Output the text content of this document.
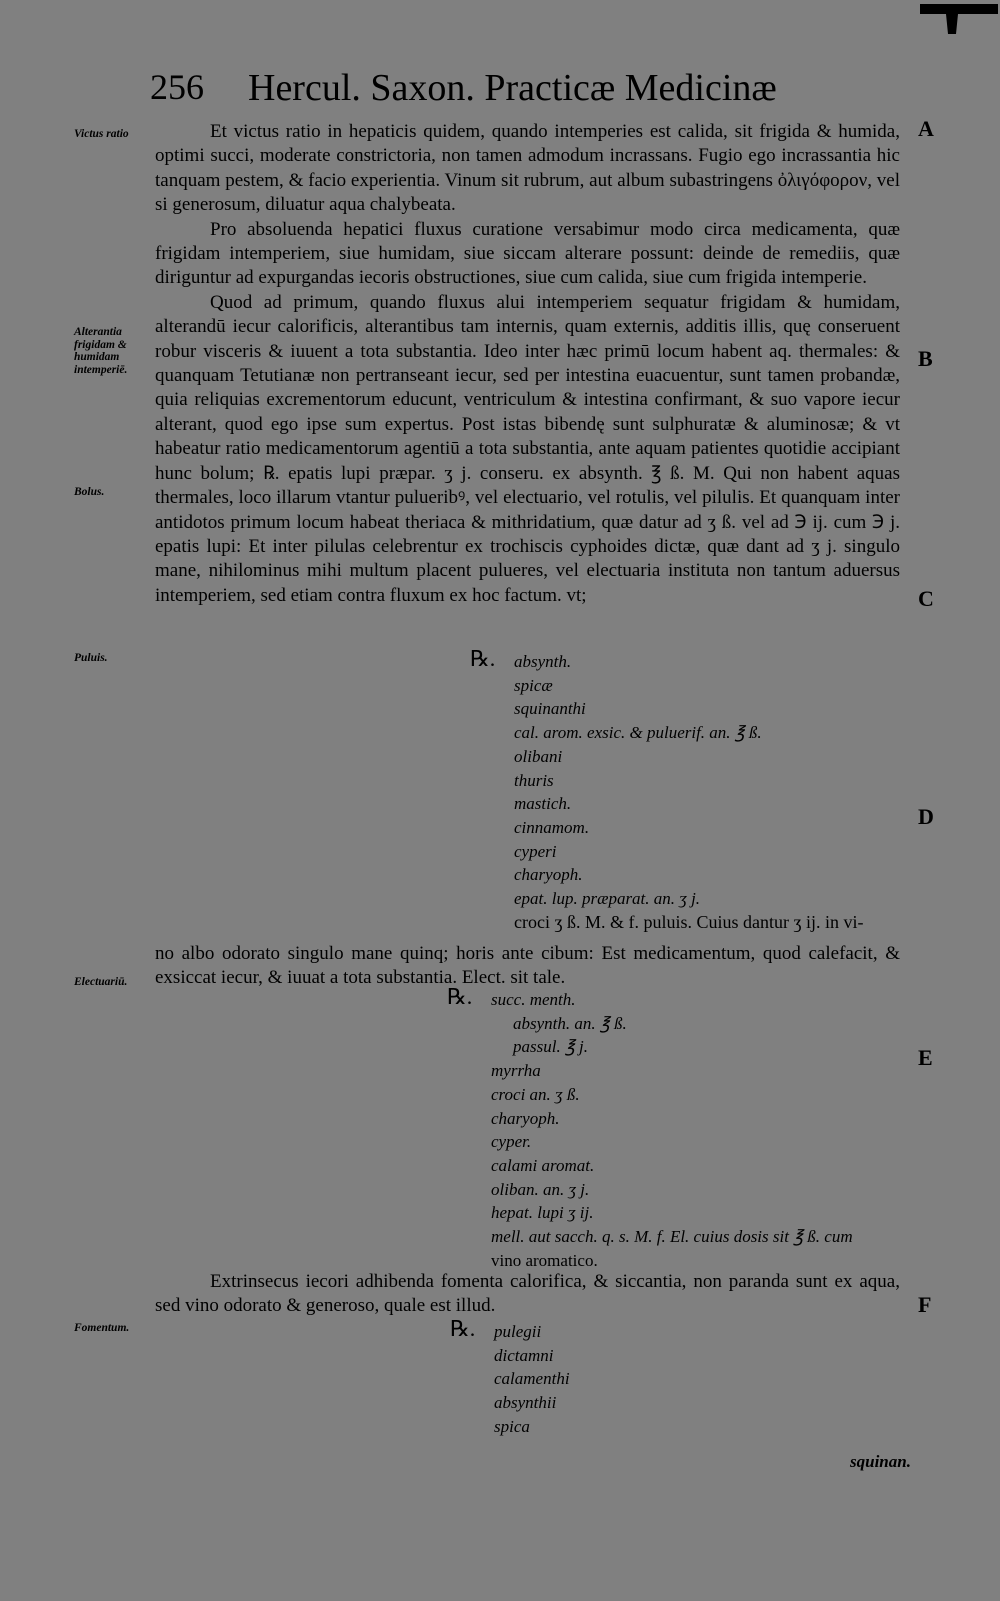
256 Hercul. Saxon. Practicæ Medicinæ
Victus ratio
Alterantia frigidam & humidam intemperiē.
Bolus.
Puluis.
Electuariū.
Fomentum.
A
B
C
D
E
F

Et victus ratio in hepaticis quidem, quando intemperies est calida, sit frigida & humida, optimi succi, moderate constrictoria, non tamen admodum incrassans. Fugio ego incrassantia hic tanquam pestem, & facio experientia. Vinum sit rubrum, aut album subastringens ὀλιγόφορον, vel si generosum, diluatur aqua chalybeata.

Pro absoluenda hepatici fluxus curatione versabimur modo circa medicamenta, quæ frigidam intemperiem, siue humidam, siue siccam alterare possunt: deinde de remediis, quæ diriguntur ad expurgandas iecoris obstructiones, siue cum calida, siue cum frigida intemperie.

Quod ad primum, quando fluxus alui intemperiem sequatur frigidam & humidam, alterandū iecur calorificis, alterantibus tam internis, quam externis, additis illis, quę conseruent robur visceris & iuuent a tota substantia. Ideo inter hæc primū locum habent aq. thermales: & quanquam Tetutianæ non pertranseant iecur, sed per intestina euacuentur, sunt tamen probandæ, quia reliquias excrementorum educunt, ventriculum & intestina confirmant, & suo vapore iecur alterant, quod ego ipse sum expertus. Post istas bibendę sunt sulphuratæ & aluminosæ; & vt habeatur ratio medicamentorum agentiū a tota substantia, ante aquam patientes quotidie accipiant hunc bolum; ℞. epatis lupi præpar. ʒ j. conseru. ex absynth. ℥ ß. M. Qui non habent aquas thermales, loco illarum vtantur pulueribꝰ, vel electuario, vel rotulis, vel pilulis. Et quanquam inter antidotos primum locum habeat theriaca & mithridatium, quæ datur ad ʒ ß. vel ad ℈ ij. cum ℈ j. epatis lupi: Et inter pilulas celebrentur ex trochiscis cyphoides dictæ, quæ dant ad ʒ j. singulo mane, nihilominus mihi multum placent pulueres, vel electuaria instituta non tantum aduersus intemperiem, sed etiam contra fluxum ex hoc factum. vt;

℞. absynth.
spicæ
squinanthi
cal. arom. exsic. & puluerif. an. ℥ ß.
olibani
thuris
mastich.
cinnamom.
cyperi
charyoph.
epat. lup. præparat. an. ʒ j.
croci ʒ ß. M. & f. puluis. Cuius dantur ʒ ij. in vi-
no albo odorato singulo mane quinq; horis ante cibum: Est medicamentum, quod calefacit, & exsiccat iecur, & iuuat a tota substantia. Elect. sit tale.
℞. succ. menth.
absynth. an. ℥ ß.
passul. ℥ j.
myrrha
croci an. ʒ ß.
charyoph.
cyper.
calami aromat.
oliban. an. ʒ j.
hepat. lupi ʒ ij.
mell. aut sacch. q. s. M. f. El. cuius dosis sit ℥ ß. cum
vino aromatico.
Extrinsecus iecori adhibenda fomenta calorifica, & siccantia, non paranda sunt ex aqua, sed vino odorato & generoso, quale est illud.
℞. pulegii
dictamni
calamenthi
absynthii
spica
squinan.
